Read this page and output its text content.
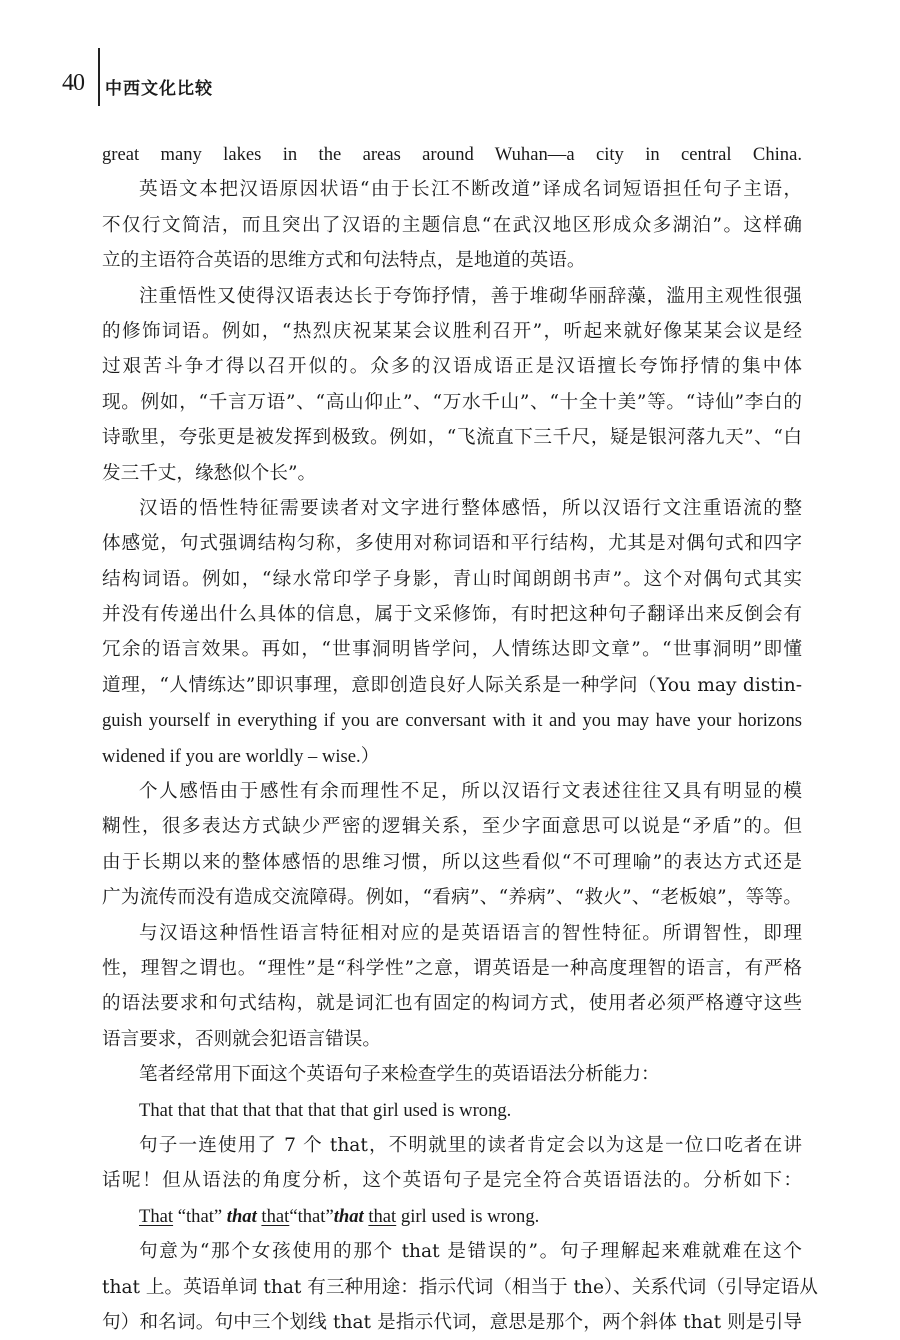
40 中西文化比较
great many lakes in the areas around Wuhan—a city in central China.
英语文本把汉语原因状语“由于长江不断改道”译成名词短语担任句子主语，
不仅行文简洁，而且突出了汉语的主题信息“在武汉地区形成众多湖泊”。这样确
立的主语符合英语的思维方式和句法特点，是地道的英语。
注重悟性又使得汉语表达长于夸饰抒情，善于堆砌华丽辞藻，滥用主观性很强
的修饰词语。例如，“热烈庆祝某某会议胜利召开”，听起来就好像某某会议是经
过艰苦斗争才得以召开似的。众多的汉语成语正是汉语擅长夸饰抒情的集中体
现。例如，“千言万语”、“高山仰止”、“万水千山”、“十全十美”等。“诗仙”李白的
诗歌里，夸张更是被发挥到极致。例如，“飞流直下三千尺，疑是银河落九天”、“白
发三千丈，缘愁似个长”。
汉语的悟性特征需要读者对文字进行整体感悟，所以汉语行文注重语流的整
体感觉，句式强调结构匀称，多使用对称词语和平行结构，尤其是对偶句式和四字
结构词语。例如，“绿水常印学子身影，青山时闻朗朗书声”。这个对偶句式其实
并没有传递出什么具体的信息，属于文采修饰，有时把这种句子翻译出来反倒会有
冗余的语言效果。再如，“世事洞明皆学问，人情练达即文章”。“世事洞明”即懂
道理，“人情练达”即识事理，意即创造良好人际关系是一种学问（You may distin-
guish yourself in everything if you are conversant with it and you may have your horizons
widened if you are worldly – wise.）
个人感悟由于感性有余而理性不足，所以汉语行文表述往往又具有明显的模
糊性，很多表达方式缺少严密的逻辑关系，至少字面意思可以说是“矛盾”的。但
由于长期以来的整体感悟的思维习惯，所以这些看似“不可理喻”的表达方式还是
广为流传而没有造成交流障碍。例如，“看病”、“养病”、“救火”、“老板娘”，等等。
与汉语这种悟性语言特征相对应的是英语语言的智性特征。所谓智性，即理
性，理智之谓也。“理性”是“科学性”之意，谓英语是一种高度理智的语言，有严格
的语法要求和句式结构，就是词汇也有固定的构词方式，使用者必须严格遵守这些
语言要求，否则就会犯语言错误。
笔者经常用下面这个英语句子来检查学生的英语语法分析能力：
That that that that that that that girl used is wrong.
句子一连使用了 7 个 that，不明就里的读者肯定会以为这是一位口吃者在讲
话呢！但从语法的角度分析，这个英语句子是完全符合英语语法的。分析如下：
That “that” that that“that”that that girl used is wrong.
句意为“那个女孩使用的那个 that 是错误的”。句子理解起来难就难在这个
that 上。英语单词 that 有三种用途：指示代词（相当于 the）、关系代词（引导定语从
句）和名词。句中三个划线 that 是指示代词，意思是那个，两个斜体 that 则是引导
